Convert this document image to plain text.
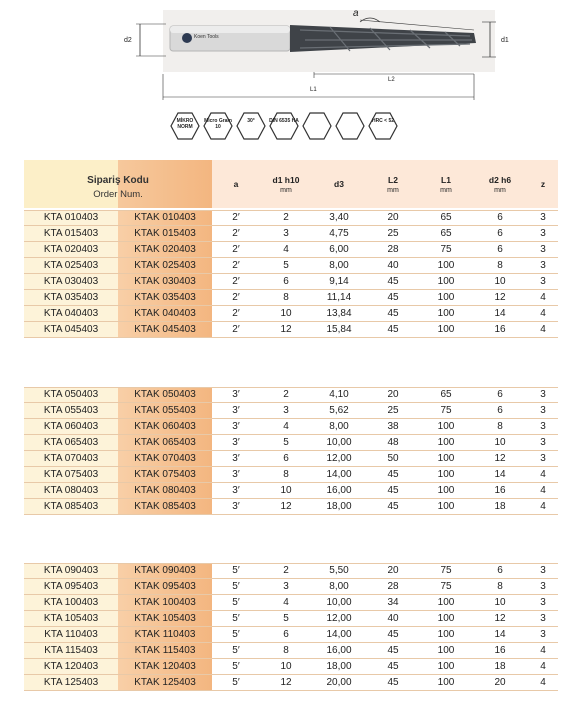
Koen Tools
d2	d1
a
L2
L1
MİKRO NORM
Micro Grain 10
30°	DIN 6535 HA	HRC < 52
Sipariş Kodu
Order Num.
a	d1 h10
mm
d3	L2
mm
L1
mm
d2 h6
mm
z
KTA 010403	KTAK 010403	2′	2	3,40	20	65	6	3
KTA 015403	KTAK 015403	2′	3	4,75	25	65	6	3
KTA 020403	KTAK 020403	2′	4	6,00	28	75	6	3
KTA 025403	KTAK 025403	2′	5	8,00	40	100	8	3
KTA 030403	KTAK 030403	2′	6	9,14	45	100	10	3
KTA 035403	KTAK 035403	2′	8	11,14	45	100	12	4
KTA 040403	KTAK 040403	2′	10	13,84	45	100	14	4
KTA 045403	KTAK 045403	2′	12	15,84	45	100	16	4
KTA 050403	KTAK 050403	3′	2	4,10	20	65	6	3
KTA 055403	KTAK 055403	3′	3	5,62	25	75	6	3
KTA 060403	KTAK 060403	3′	4	8,00	38	100	8	3
KTA 065403	KTAK 065403	3′	5	10,00	48	100	10	3
KTA 070403	KTAK 070403	3′	6	12,00	50	100	12	3
KTA 075403	KTAK 075403	3′	8	14,00	45	100	14	4
KTA 080403	KTAK 080403	3′	10	16,00	45	100	16	4
KTA 085403	KTAK 085403	3′	12	18,00	45	100	18	4
KTA 090403	KTAK 090403	5′	2	5,50	20	75	6	3
KTA 095403	KTAK 095403	5′	3	8,00	28	75	8	3
KTA 100403	KTAK 100403	5′	4	10,00	34	100	10	3
KTA 105403	KTAK 105403	5′	5	12,00	40	100	12	3
KTA 110403	KTAK 110403	5′	6	14,00	45	100	14	3
KTA 115403	KTAK 115403	5′	8	16,00	45	100	16	4
KTA 120403	KTAK 120403	5′	10	18,00	45	100	18	4
KTA 125403	KTAK 125403	5′	12	20,00	45	100	20	4
